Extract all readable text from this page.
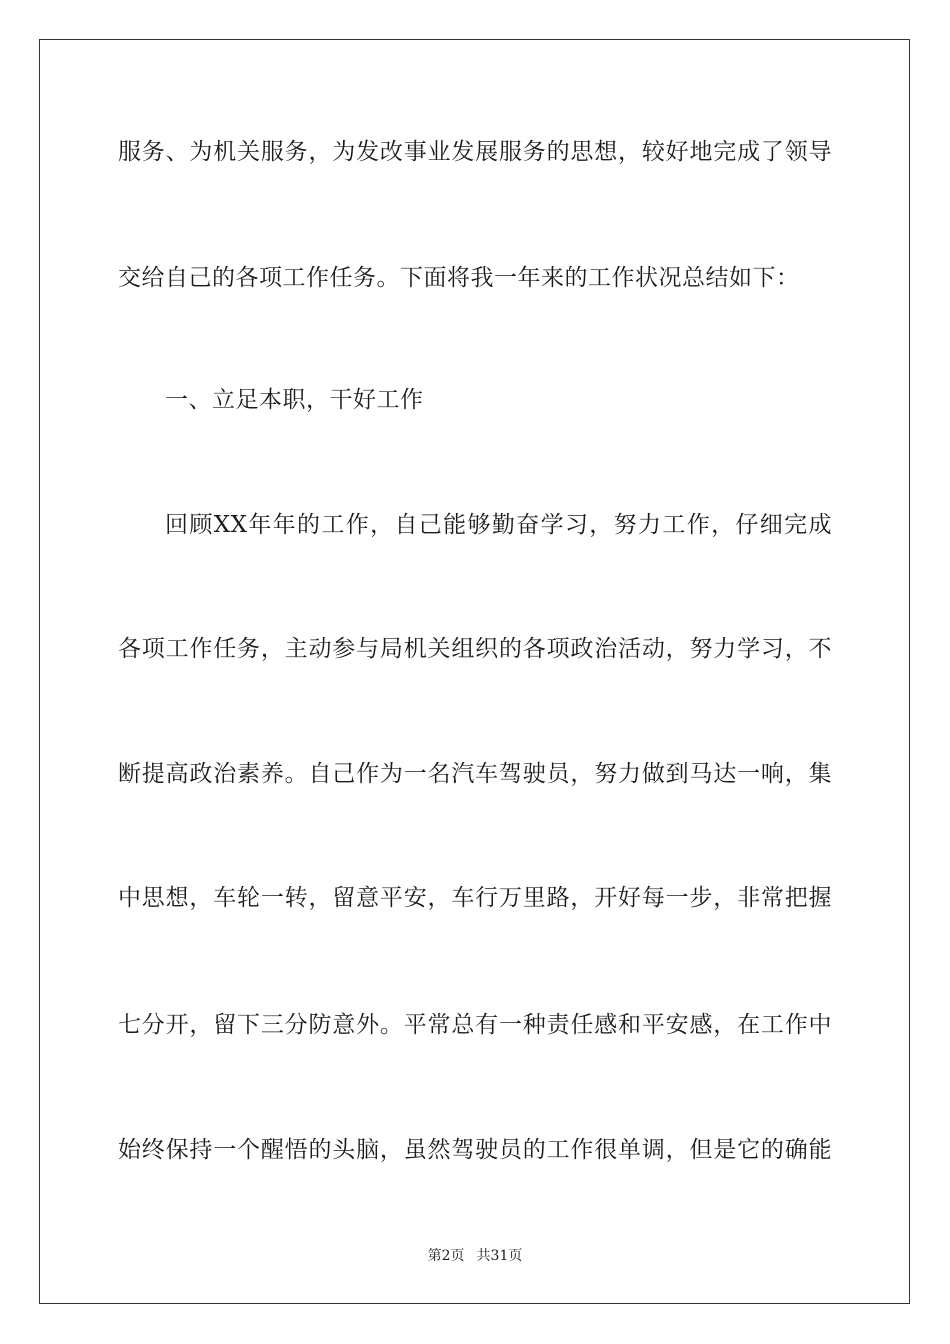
服务、为机关服务，为发改事业发展服务的思想，较好地完成了领导
交给自己的各项工作任务。下面将我一年来的工作状况总结如下：
一、立足本职，干好工作
回顾XX年年的工作，自己能够勤奋学习，努力工作，仔细完成
各项工作任务，主动参与局机关组织的各项政治活动，努力学习，不
断提高政治素养。自己作为一名汽车驾驶员，努力做到马达一响，集
中思想，车轮一转，留意平安，车行万里路，开好每一步，非常把握
七分开，留下三分防意外。平常总有一种责任感和平安感，在工作中
始终保持一个醒悟的头脑，虽然驾驶员的工作很单调，但是它的确能
第2页 共31页
